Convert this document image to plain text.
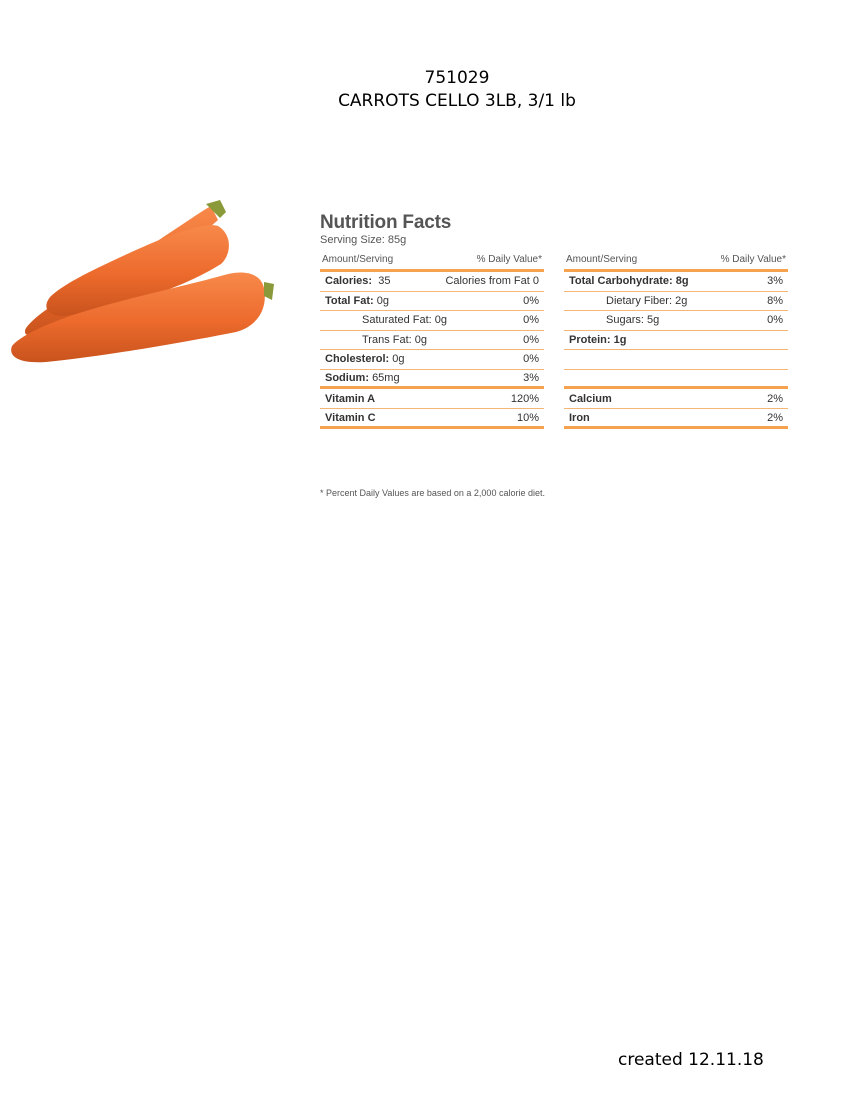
751029
CARROTS CELLO 3LB, 3/1 lb
Nutrition Facts
Serving Size: 85g
Amount/Serving	% Daily Value*
Calories: 35	Calories from Fat 0
Total Fat: 0g	0%
Saturated Fat: 0g	0%
Trans Fat: 0g	0%
Cholesterol: 0g	0%
Sodium: 65mg	3%
Vitamin A	120%
Vitamin C	10%
Amount/Serving	% Daily Value*
Total Carbohydrate: 8g	3%
Dietary Fiber: 2g	8%
Sugars: 5g	0%
Protein: 1g
Calcium	2%
Iron	2%
* Percent Daily Values are based on a 2,000 calorie diet.
created 12.11.18
